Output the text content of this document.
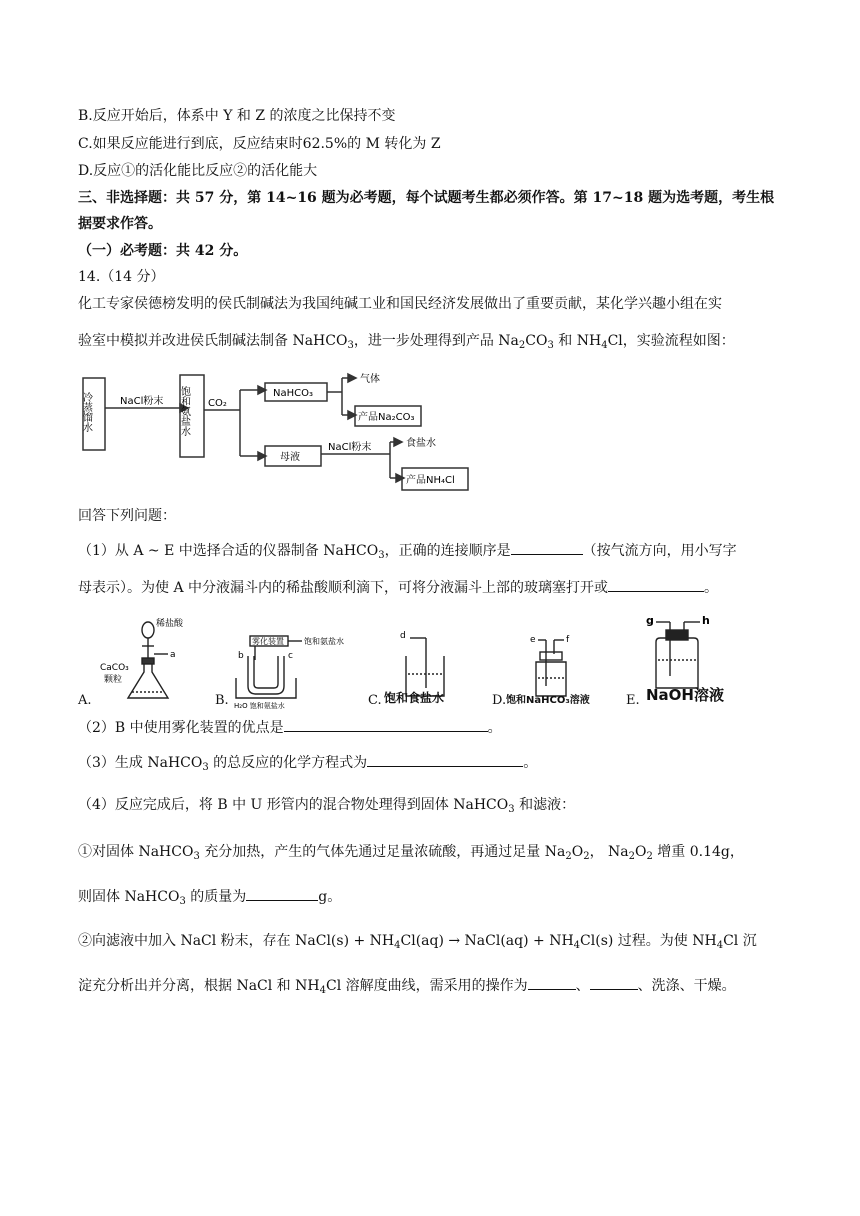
B.反应开始后，体系中 Y 和 Z 的浓度之比保持不变
C.如果反应能进行到底，反应结束时62.5%的 M 转化为 Z
D.反应①的活化能比反应②的活化能大
三、非选择题：共 57 分，第 14~16 题为必考题，每个试题考生都必须作答。第 17~18 题为选考题，考生根
据要求作答。
（一）必考题：共 42 分。
14.（14 分）
化工专家侯德榜发明的侯氏制碱法为我国纯碱工业和国民经济发展做出了重要贡献，某化学兴趣小组在实
验室中模拟并改进侯氏制碱法制备 NaHCO$_3$，进一步处理得到产品 $Na_2CO_3$ 和 $NH_4Cl$，实验流程如图：
冷蒸馏水	NaCl粉末 饱和氨盐水 CO₂
NaHCO₃
气体
产品Na₂CO₃
母液
NaCl粉末	食盐水
产品NH₄Cl
回答下列问题：
（1）从 A ~ E 中选择合适的仪器制备 NaHCO$_3$，正确的连接顺序是	（按气流方向，用小写字
母表示）。为使 A 中分液漏斗内的稀盐酸顺利滴下，可将分液漏斗上部的玻璃塞打开或	。
稀盐酸
a
CaCO₃
颗粒
雾化装置	饱和氨盐水
b	c
H₂O 饱和氨盐水
d	e	f
g	h
A.	B.	C. 饱和食盐水	D. 饱和NaHCO₃溶液	E. NaOH溶液
（2）B 中使用雾化装置的优点是	。
（3）生成 NaHCO$_3$ 的总反应的化学方程式为	。
（4）反应完成后，将 B 中 U 形管内的混合物处理得到固体 NaHCO$_3$ 和滤液：
①对固体 NaHCO$_3$ 充分加热，产生的气体先通过足量浓硫酸，再通过足量 $Na_2O_2$， $Na_2O_2$ 增重 0.14g，
则固体 NaHCO$_3$ 的质量为	g。
②向滤液中加入 NaCl 粉末，存在 NaCl(s) + $NH_4Cl(aq)$ → NaCl(aq) + $NH_4Cl(s)$ 过程。为使 $NH_4Cl$ 沉
淀充分析出并分离，根据 NaCl 和 $NH_4Cl$ 溶解度曲线，需采用的操作为	、	、洗涤、干燥。
